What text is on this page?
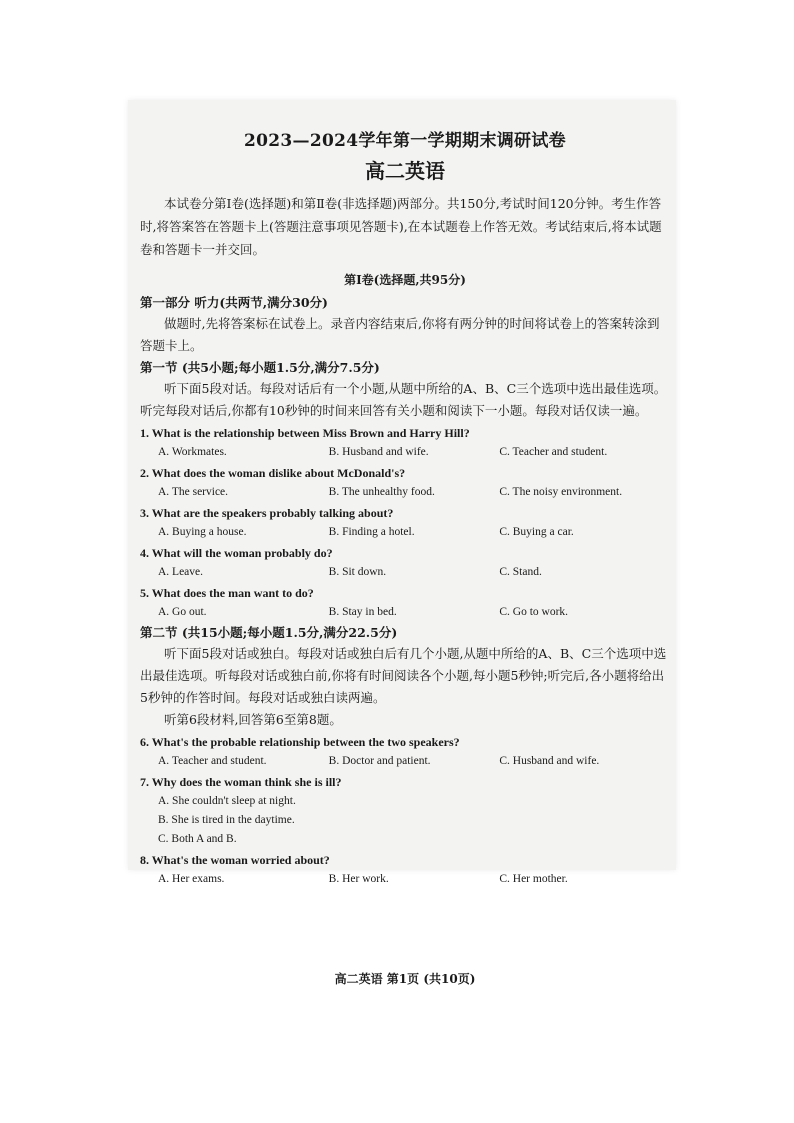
2023—2024学年第一学期期末调研试卷
高二英语

本试卷分第Ⅰ卷(选择题)和第Ⅱ卷(非选择题)两部分。共150分,考试时间120分钟。考生作答时,将答案答在答题卡上(答题注意事项见答题卡),在本试题卷上作答无效。考试结束后,将本试题卷和答题卡一并交回。

第Ⅰ卷(选择题,共95分)
第一部分 听力(共两节,满分30分)

做题时,先将答案标在试卷上。录音内容结束后,你将有两分钟的时间将试卷上的答案转涂到答题卡上。

第一节 (共5小题;每小题1.5分,满分7.5分)

听下面5段对话。每段对话后有一个小题,从题中所给的A、B、C三个选项中选出最佳选项。听完每段对话后,你都有10秒钟的时间来回答有关小题和阅读下一小题。每段对话仅读一遍。

1. What is the relationship between Miss Brown and Harry Hill?
A. Workmates.	B. Husband and wife.	C. Teacher and student.
2. What does the woman dislike about McDonald's?
A. The service.	B. The unhealthy food.	C. The noisy environment.
3. What are the speakers probably talking about?
A. Buying a house.	B. Finding a hotel.	C. Buying a car.
4. What will the woman probably do?
A. Leave.	B. Sit down.	C. Stand.
5. What does the man want to do?
A. Go out.	B. Stay in bed.	C. Go to work.
第二节 (共15小题;每小题1.5分,满分22.5分)

听下面5段对话或独白。每段对话或独白后有几个小题,从题中所给的A、B、C三个选项中选出最佳选项。听每段对话或独白前,你将有时间阅读各个小题,每小题5秒钟;听完后,各小题将给出5秒钟的作答时间。每段对话或独白读两遍。

听第6段材料,回答第6至第8题。

6. What's the probable relationship between the two speakers?
A. Teacher and student.	B. Doctor and patient.	C. Husband and wife.
7. Why does the woman think she is ill?
A. She couldn't sleep at night.
B. She is tired in the daytime.
C. Both A and B.
8. What's the woman worried about?
A. Her exams.	B. Her work.	C. Her mother.
高二英语 第1页 (共10页)
